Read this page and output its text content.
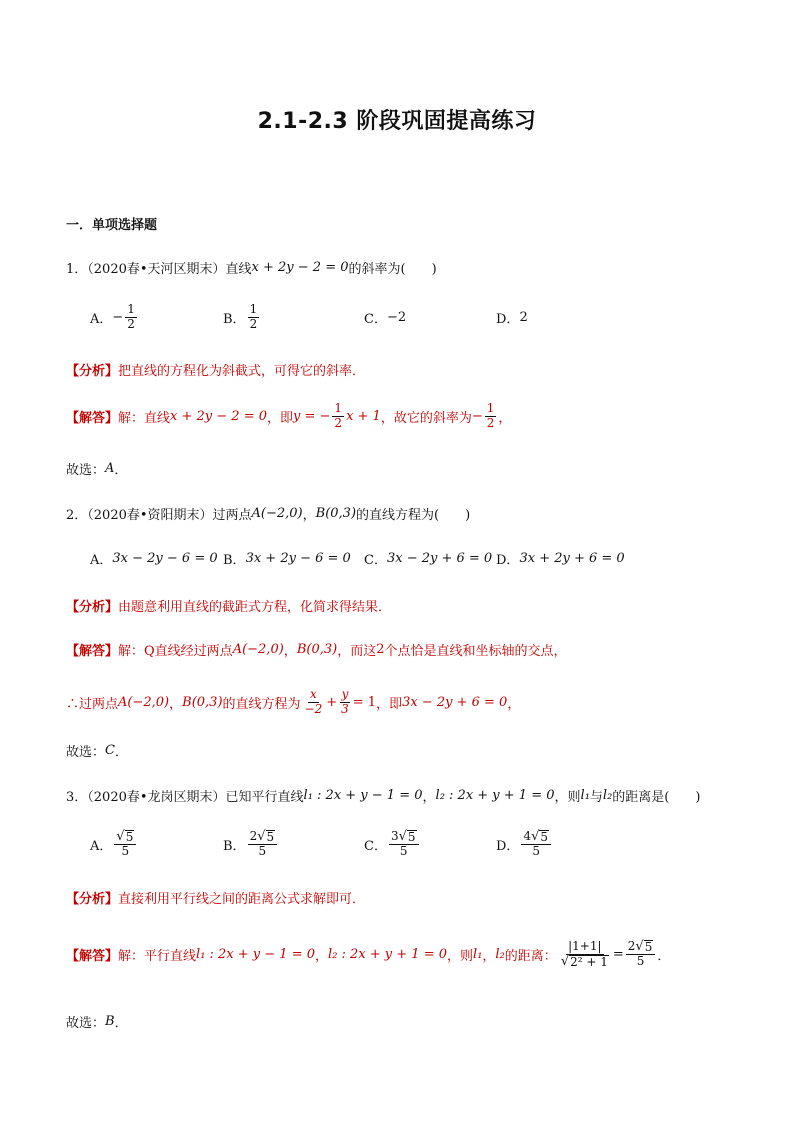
2.1-2.3 阶段巩固提高练习
一．单项选择题
1．（2020春•天河区期末）直线 x + 2y − 2 = 0 的斜率为(　　)
A． − $\frac{1}{2}$	B． $\frac{1}{2}$	C． −2	D． 2
【分析】 把直线的方程化为斜截式，可得它的斜率．
【解答】 解：直线 x + 2y − 2 = 0 ，即 y = − $\frac{1}{2}$ x + 1 ，故它的斜率为 − $\frac{1}{2}$ ，
故选： A ．
2．（2020春•资阳期末）过两点 A(−2,0) ， B(0,3) 的直线方程为(　　)
A． 3x − 2y − 6 = 0 B． 3x + 2y − 6 = 0 C． 3x − 2y + 6 = 0 D． 3x + 2y + 6 = 0
【分析】 由题意利用直线的截距式方程，化简求得结果．
【解答】 解：Q直线经过两点 A(−2,0) ， B(0,3) ，而这 2 个点恰是直线和坐标轴的交点，
∴过两点 A(−2,0) ， B(0,3) 的直线方程为 $\frac{x}{-2} + \frac{y}{3} = 1$ ，即 3x − 2y + 6 = 0 ，
故选： C ．
3．（2020春•龙岗区期末）已知平行直线 l₁ : 2x + y − 1 = 0 ， l₂ : 2x + y + 1 = 0 ，则 l₁ 与 l₂ 的距离是(　　)
A． $\frac{√ 5}{5}$	B． $\frac{2 √ 5}{5}$	C． $\frac{3 √ 5}{5}$	D． $\frac{4 √ 5}{5}$
【分析】 直接利用平行线之间的距离公式求解即可．
【解答】 解：平行直线 l₁ : 2x + y − 1 = 0 ， l₂ : 2x + y + 1 = 0 ，则 l₁ ， l₂ 的距离： $\frac{|1+1|}{\text{√ 2² + 1}} = \frac{2 √ 5}{5}$ ．
故选： B ．
